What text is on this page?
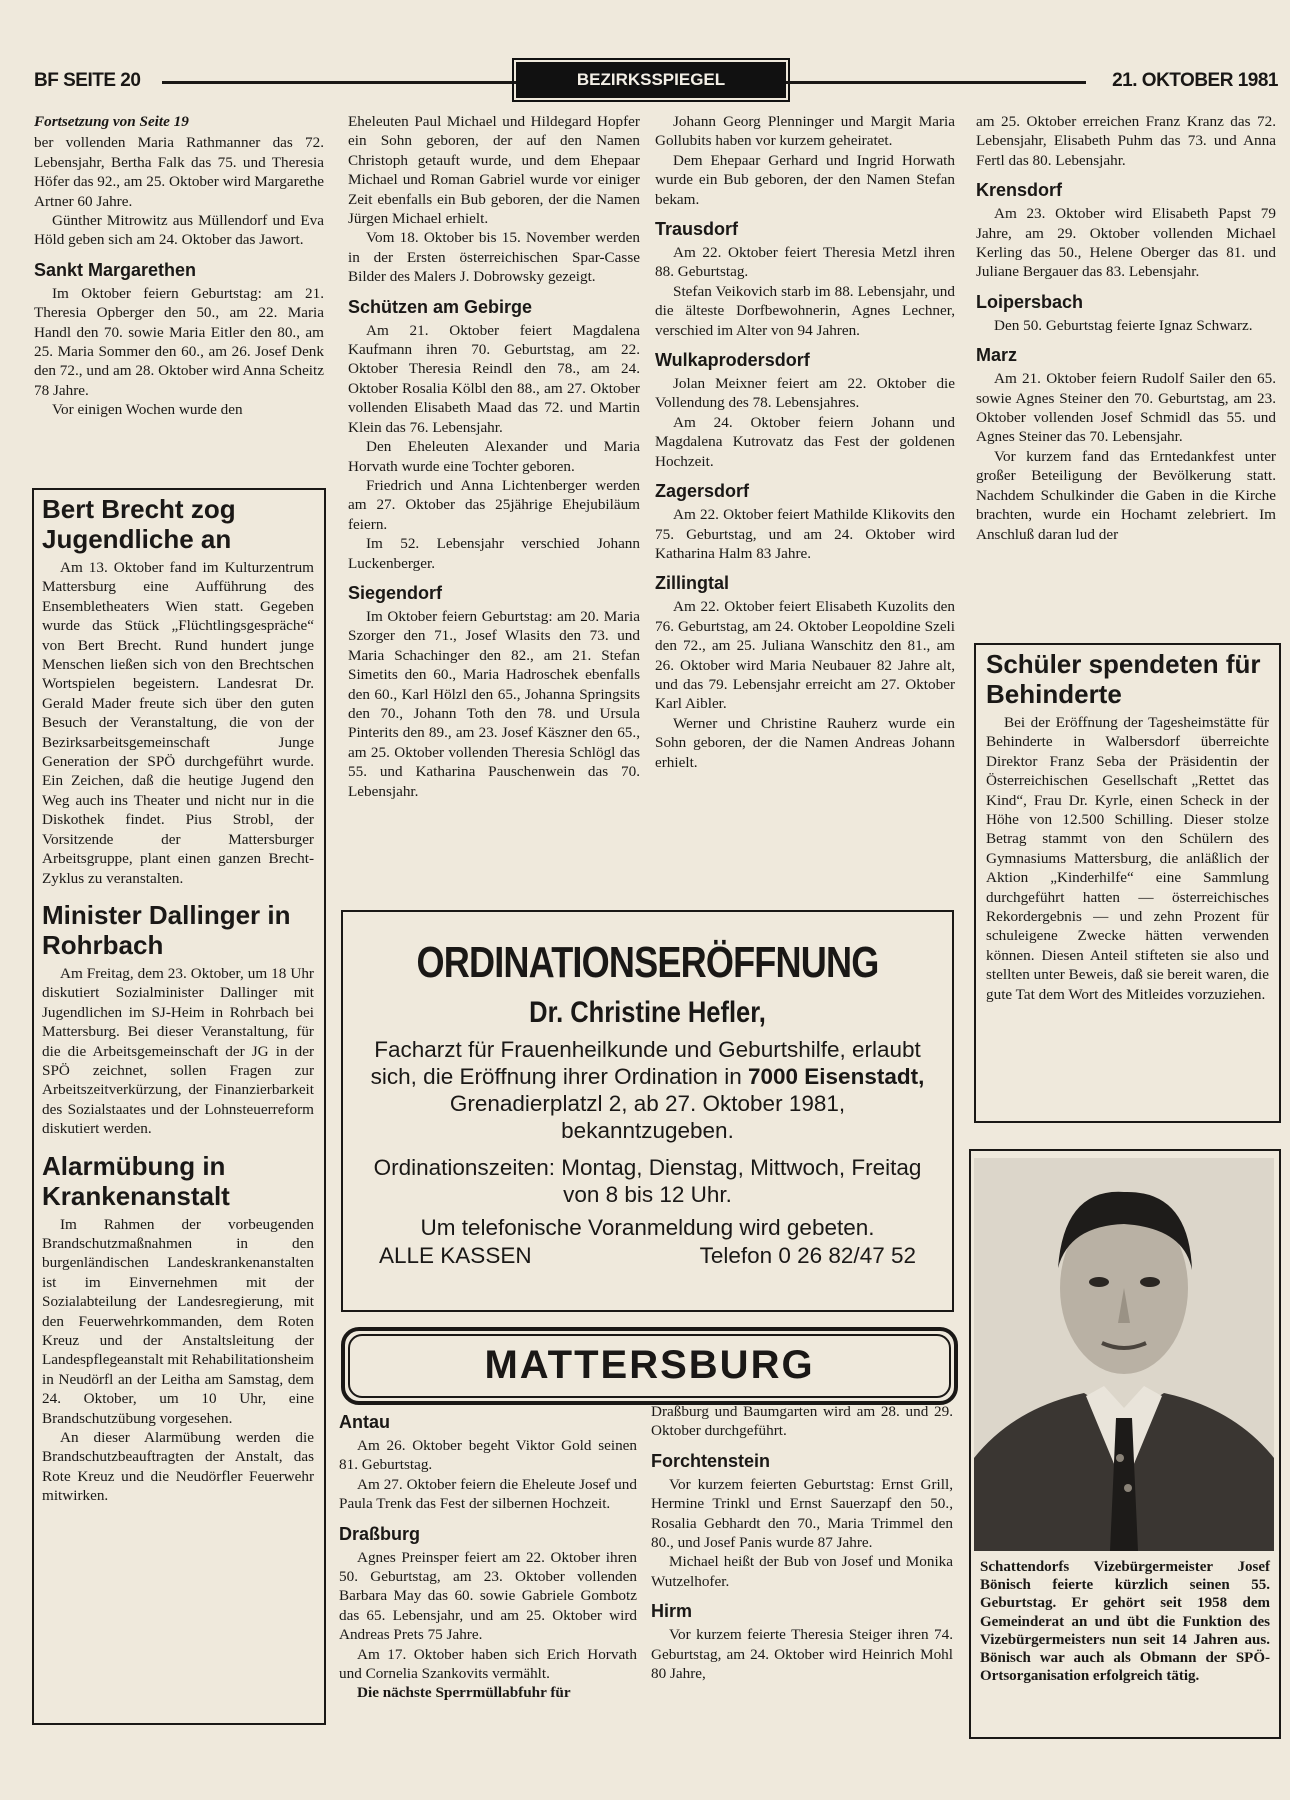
BF SEITE 20	BEZIRKSSPIEGEL	21. OKTOBER 1981

Fortsetzung von Seite 19

ber vollenden Maria Rathmanner das 72. Lebensjahr, Bertha Falk das 75. und Theresia Höfer das 92., am 25. Oktober wird Margarethe Artner 60 Jahre.

Günther Mitrowitz aus Müllendorf und Eva Höld geben sich am 24. Oktober das Jawort.

Sankt Margarethen

Im Oktober feiern Geburtstag: am 21. Theresia Opberger den 50., am 22. Maria Handl den 70. sowie Maria Eitler den 80., am 25. Maria Sommer den 60., am 26. Josef Denk den 72., und am 28. Oktober wird Anna Scheitz 78 Jahre.

Vor einigen Wochen wurde den

Bert Brecht zog Jugendliche an

Am 13. Oktober fand im Kulturzentrum Mattersburg eine Aufführung des Ensembletheaters Wien statt. Gegeben wurde das Stück „Flüchtlingsgespräche“ von Bert Brecht. Rund hundert junge Menschen ließen sich von den Brechtschen Wortspielen begeistern. Landesrat Dr. Gerald Mader freute sich über den guten Besuch der Veranstaltung, die von der Bezirksarbeitsgemeinschaft Junge Generation der SPÖ durchgeführt wurde. Ein Zeichen, daß die heutige Jugend den Weg auch ins Theater und nicht nur in die Diskothek findet. Pius Strobl, der Vorsitzende der Mattersburger Arbeitsgruppe, plant einen ganzen Brecht-Zyklus zu veranstalten.

Minister Dallinger in Rohrbach

Am Freitag, dem 23. Oktober, um 18 Uhr diskutiert Sozialminister Dallinger mit Jugendlichen im SJ-Heim in Rohrbach bei Mattersburg. Bei dieser Veranstaltung, für die die Arbeitsgemeinschaft der JG in der SPÖ zeichnet, sollen Fragen zur Arbeitszeitverkürzung, der Finanzierbarkeit des Sozialstaates und der Lohnsteuerreform diskutiert werden.

Alarmübung in Krankenanstalt

Im Rahmen der vorbeugenden Brandschutzmaßnahmen in den burgenländischen Landeskrankenanstalten ist im Einvernehmen mit der Sozialabteilung der Landesregierung, mit den Feuerwehrkommanden, dem Roten Kreuz und der Anstaltsleitung der Landespflegeanstalt mit Rehabilitationsheim in Neudörfl an der Leitha am Samstag, dem 24. Oktober, um 10 Uhr, eine Brandschutzübung vorgesehen.

An dieser Alarmübung werden die Brandschutzbeauftragten der Anstalt, das Rote Kreuz und die Neudörfler Feuerwehr mitwirken.

Eheleuten Paul Michael und Hildegard Hopfer ein Sohn geboren, der auf den Namen Christoph getauft wurde, und dem Ehepaar Michael und Roman Gabriel wurde vor einiger Zeit ebenfalls ein Bub geboren, der die Namen Jürgen Michael erhielt.

Vom 18. Oktober bis 15. November werden in der Ersten österreichischen Spar-Casse Bilder des Malers J. Dobrowsky gezeigt.

Schützen am Gebirge

Am 21. Oktober feiert Magdalena Kaufmann ihren 70. Geburtstag, am 22. Oktober Theresia Reindl den 78., am 24. Oktober Rosalia Kölbl den 88., am 27. Oktober vollenden Elisabeth Maad das 72. und Martin Klein das 76. Lebensjahr.

Den Eheleuten Alexander und Maria Horvath wurde eine Tochter geboren.

Friedrich und Anna Lichtenberger werden am 27. Oktober das 25jährige Ehejubiläum feiern.

Im 52. Lebensjahr verschied Johann Luckenberger.

Siegendorf

Im Oktober feiern Geburtstag: am 20. Maria Szorger den 71., Josef Wlasits den 73. und Maria Schachinger den 82., am 21. Stefan Simetits den 60., Maria Hadroschek ebenfalls den 60., Karl Hölzl den 65., Johanna Springsits den 70., Johann Toth den 78. und Ursula Pinterits den 89., am 23. Josef Käszner den 65., am 25. Oktober vollenden Theresia Schlögl das 55. und Katharina Pauschenwein das 70. Lebensjahr.

Johann Georg Plenninger und Margit Maria Gollubits haben vor kurzem geheiratet.

Dem Ehepaar Gerhard und Ingrid Horwath wurde ein Bub geboren, der den Namen Stefan bekam.

Trausdorf

Am 22. Oktober feiert Theresia Metzl ihren 88. Geburtstag.

Stefan Veikovich starb im 88. Lebensjahr, und die älteste Dorfbewohnerin, Agnes Lechner, verschied im Alter von 94 Jahren.

Wulkaprodersdorf

Jolan Meixner feiert am 22. Oktober die Vollendung des 78. Lebensjahres.

Am 24. Oktober feiern Johann und Magdalena Kutrovatz das Fest der goldenen Hochzeit.

Zagersdorf

Am 22. Oktober feiert Mathilde Klikovits den 75. Geburtstag, und am 24. Oktober wird Katharina Halm 83 Jahre.

Zillingtal

Am 22. Oktober feiert Elisabeth Kuzolits den 76. Geburtstag, am 24. Oktober Leopoldine Szeli den 72., am 25. Juliana Wanschitz den 81., am 26. Oktober wird Maria Neubauer 82 Jahre alt, und das 79. Lebensjahr erreicht am 27. Oktober Karl Aibler.

Werner und Christine Rauherz wurde ein Sohn geboren, der die Namen Andreas Johann erhielt.

am 25. Oktober erreichen Franz Kranz das 72. Lebensjahr, Elisabeth Puhm das 73. und Anna Fertl das 80. Lebensjahr.

Krensdorf

Am 23. Oktober wird Elisabeth Papst 79 Jahre, am 29. Oktober vollenden Michael Kerling das 50., Helene Oberger das 81. und Juliane Bergauer das 83. Lebensjahr.

Loipersbach

Den 50. Geburtstag feierte Ignaz Schwarz.

Marz

Am 21. Oktober feiern Rudolf Sailer den 65. sowie Agnes Steiner den 70. Geburtstag, am 23. Oktober vollenden Josef Schmidl das 55. und Agnes Steiner das 70. Lebensjahr.

Vor kurzem fand das Erntedankfest unter großer Beteiligung der Bevölkerung statt. Nachdem Schulkinder die Gaben in die Kirche brachten, wurde ein Hochamt zelebriert. Im Anschluß daran lud der

Schüler spendeten für Behinderte

Bei der Eröffnung der Tagesheimstätte für Behinderte in Walbersdorf überreichte Direktor Franz Seba der Präsidentin der Österreichischen Gesellschaft „Rettet das Kind“, Frau Dr. Kyrle, einen Scheck in der Höhe von 12.500 Schilling. Dieser stolze Betrag stammt von den Schülern des Gymnasiums Mattersburg, die anläßlich der Aktion „Kinderhilfe“ eine Sammlung durchgeführt hatten — österreichisches Rekordergebnis — und zehn Prozent für schuleigene Zwecke hätten verwenden können. Diesen Anteil stifteten sie also und stellten unter Beweis, daß sie bereit waren, die gute Tat dem Wort des Mitleides vorzuziehen.

ORDINATIONSERÖFFNUNG
Dr. Christine Hefler,
Facharzt für Frauenheilkunde und Geburtshilfe, erlaubt sich, die Eröffnung ihrer Ordination in 7000 Eisenstadt, Grenadierplatzl 2, ab 27. Oktober 1981, bekanntzugeben.
Ordinationszeiten: Montag, Dienstag, Mittwoch, Freitag von 8 bis 12 Uhr.
Um telefonische Voranmeldung wird gebeten.
ALLE KASSEN	Telefon 0 26 82/47 52
MATTERSBURG
Antau

Am 26. Oktober begeht Viktor Gold seinen 81. Geburtstag.

Am 27. Oktober feiern die Eheleute Josef und Paula Trenk das Fest der silbernen Hochzeit.

Draßburg

Agnes Preinsper feiert am 22. Oktober ihren 50. Geburtstag, am 23. Oktober vollenden Barbara May das 60. sowie Gabriele Gombotz das 65. Lebensjahr, und am 25. Oktober wird Andreas Prets 75 Jahre.

Am 17. Oktober haben sich Erich Horvath und Cornelia Szankovits vermählt.

Die nächste Sperrmüllabfuhr für

Draßburg und Baumgarten wird am 28. und 29. Oktober durchgeführt.

Forchtenstein

Vor kurzem feierten Geburtstag: Ernst Grill, Hermine Trinkl und Ernst Sauerzapf den 50., Rosalia Gebhardt den 70., Maria Trimmel den 80., und Josef Panis wurde 87 Jahre.

Michael heißt der Bub von Josef und Monika Wutzelhofer.

Hirm

Vor kurzem feierte Theresia Steiger ihren 74. Geburtstag, am 24. Oktober wird Heinrich Mohl 80 Jahre,

Schattendorfs Vizebürgermeister Josef Bönisch feierte kürzlich seinen 55. Geburtstag. Er gehört seit 1958 dem Gemeinderat an und übt die Funktion des Vizebürgermeisters nun seit 14 Jahren aus. Bönisch war auch als Obmann der SPÖ-Ortsorganisation erfolgreich tätig.
